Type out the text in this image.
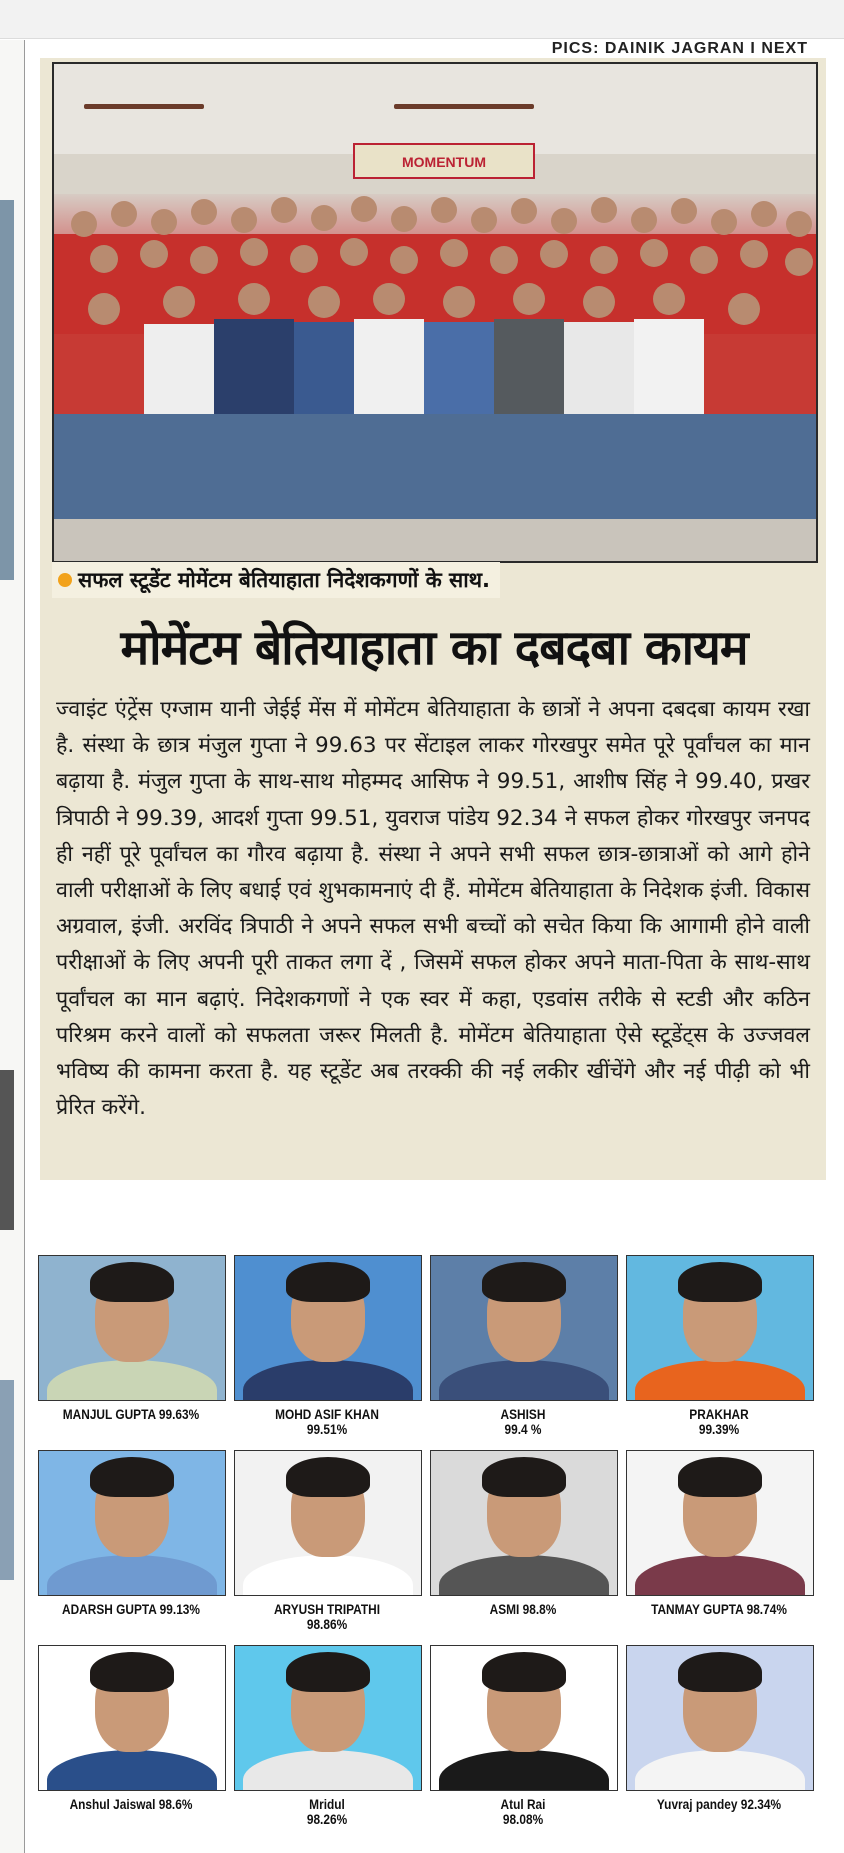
PICS: DAINIK JAGRAN I NEXT
MOMENTUM
सफल स्टूडेंट मोमेंटम बेतियाहाता निदेशकगणों के साथ.
मोमेंटम बेतियाहाता का दबदबा कायम
ज्वाइंट एंट्रेंस एग्जाम यानी जेईई मेंस में मोमेंटम बेतियाहाता के छात्रों ने अपना दबदबा कायम रखा है. संस्था के छात्र मंजुल गुप्ता ने 99.63 पर सेंटाइल लाकर गोरखपुर समेत पूरे पूर्वांचल का मान बढ़ाया है. मंजुल गुप्ता के साथ-साथ मोहम्मद आसिफ ने 99.51, आशीष सिंह ने 99.40, प्रखर त्रिपाठी ने 99.39, आदर्श गुप्ता 99.51, युवराज पांडेय 92.34 ने सफल होकर गोरखपुर जनपद ही नहीं पूरे पूर्वांचल का गौरव बढ़ाया है. संस्था ने अपने सभी सफल छात्र-छात्राओं को आगे होने वाली परीक्षाओं के लिए बधाई एवं शुभकामनाएं दी हैं. मोमेंटम बेतियाहाता के निदेशक इंजी. विकास अग्रवाल, इंजी. अरविंद त्रिपाठी ने अपने सफल सभी बच्चों को सचेत किया कि आगामी होने वाली परीक्षाओं के लिए अपनी पूरी ताकत लगा दें , जिसमें सफल होकर अपने माता-पिता के साथ-साथ पूर्वांचल का मान बढ़ाएं. निदेशकगणों ने एक स्वर में कहा, एडवांस तरीके से स्टडी और कठिन परिश्रम करने वालों को सफलता जरूर मिलती है. मोमेंटम बेतियाहाता ऐसे स्टूडेंट्स के उज्जवल भविष्य की कामना करता है. यह स्टूडेंट अब तरक्की की नई लकीर खींचेंगे और नई पीढ़ी को भी प्रेरित करेंगे.
MANJUL GUPTA 99.63%	MOHD ASIF KHAN
99.51%
ASHISH
99.4 %
PRAKHAR
99.39%
ADARSH GUPTA 99.13%	ARYUSH TRIPATHI
98.86%
ASMI 98.8%	TANMAY GUPTA 98.74%
Anshul Jaiswal 98.6%	Mridul
98.26%
Atul Rai
98.08%
Yuvraj pandey 92.34%
